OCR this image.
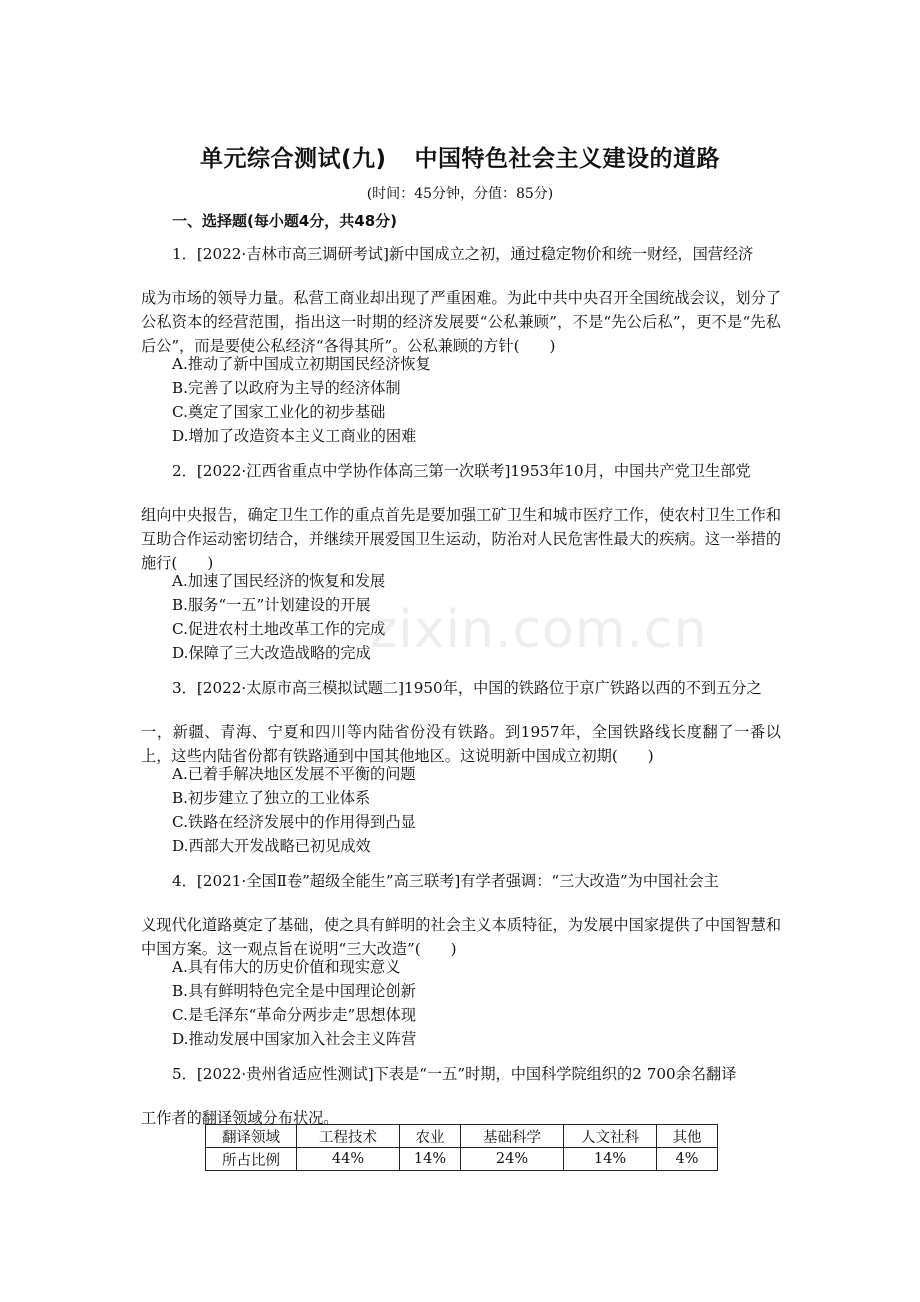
单元综合测试(九) 中国特色社会主义建设的道路
(时间：45分钟，分值：85分)
一、选择题(每小题4分，共48分)
1．[2022·吉林市高三调研考试]新中国成立之初，通过稳定物价和统一财经，国营经济
成为市场的领导力量。私营工商业却出现了严重困难。为此中共中央召开全国统战会议，划分了公私资本的经营范围，指出这一时期的经济发展要“公私兼顾”，不是“先公后私”，更不是“先私后公”，而是要使公私经济“各得其所”。公私兼顾的方针( )
A.推动了新中国成立初期国民经济恢复
B.完善了以政府为主导的经济体制
C.奠定了国家工业化的初步基础
D.增加了改造资本主义工商业的困难
2．[2022·江西省重点中学协作体高三第一次联考]1953年10月，中国共产党卫生部党
组向中央报告，确定卫生工作的重点首先是要加强工矿卫生和城市医疗工作，使农村卫生工作和互助合作运动密切结合，并继续开展爱国卫生运动，防治对人民危害性最大的疾病。这一举措的施行( )
A.加速了国民经济的恢复和发展
B.服务“一五”计划建设的开展
C.促进农村土地改革工作的完成
D.保障了三大改造战略的完成
3．[2022·太原市高三模拟试题二]1950年，中国的铁路位于京广铁路以西的不到五分之
一，新疆、青海、宁夏和四川等内陆省份没有铁路。到1957年，全国铁路线长度翻了一番以上，这些内陆省份都有铁路通到中国其他地区。这说明新中国成立初期( )
A.已着手解决地区发展不平衡的问题
B.初步建立了独立的工业体系
C.铁路在经济发展中的作用得到凸显
D.西部大开发战略已初见成效
4．[2021·全国Ⅱ卷”超级全能生”高三联考]有学者强调：“三大改造”为中国社会主
义现代化道路奠定了基础，使之具有鲜明的社会主义本质特征，为发展中国家提供了中国智慧和中国方案。这一观点旨在说明“三大改造”( )
A.具有伟大的历史价值和现实意义
B.具有鲜明特色完全是中国理论创新
C.是毛泽东“革命分两步走”思想体现
D.推动发展中国家加入社会主义阵营
5．[2022·贵州省适应性测试]下表是“一五”时期，中国科学院组织的2 700余名翻译
工作者的翻译领域分布状况。
翻译领域	工程技术	农业	基础科学	人文社科	其他
所占比例	44%	14%	24%	14%	4%
zixin.com.cn
